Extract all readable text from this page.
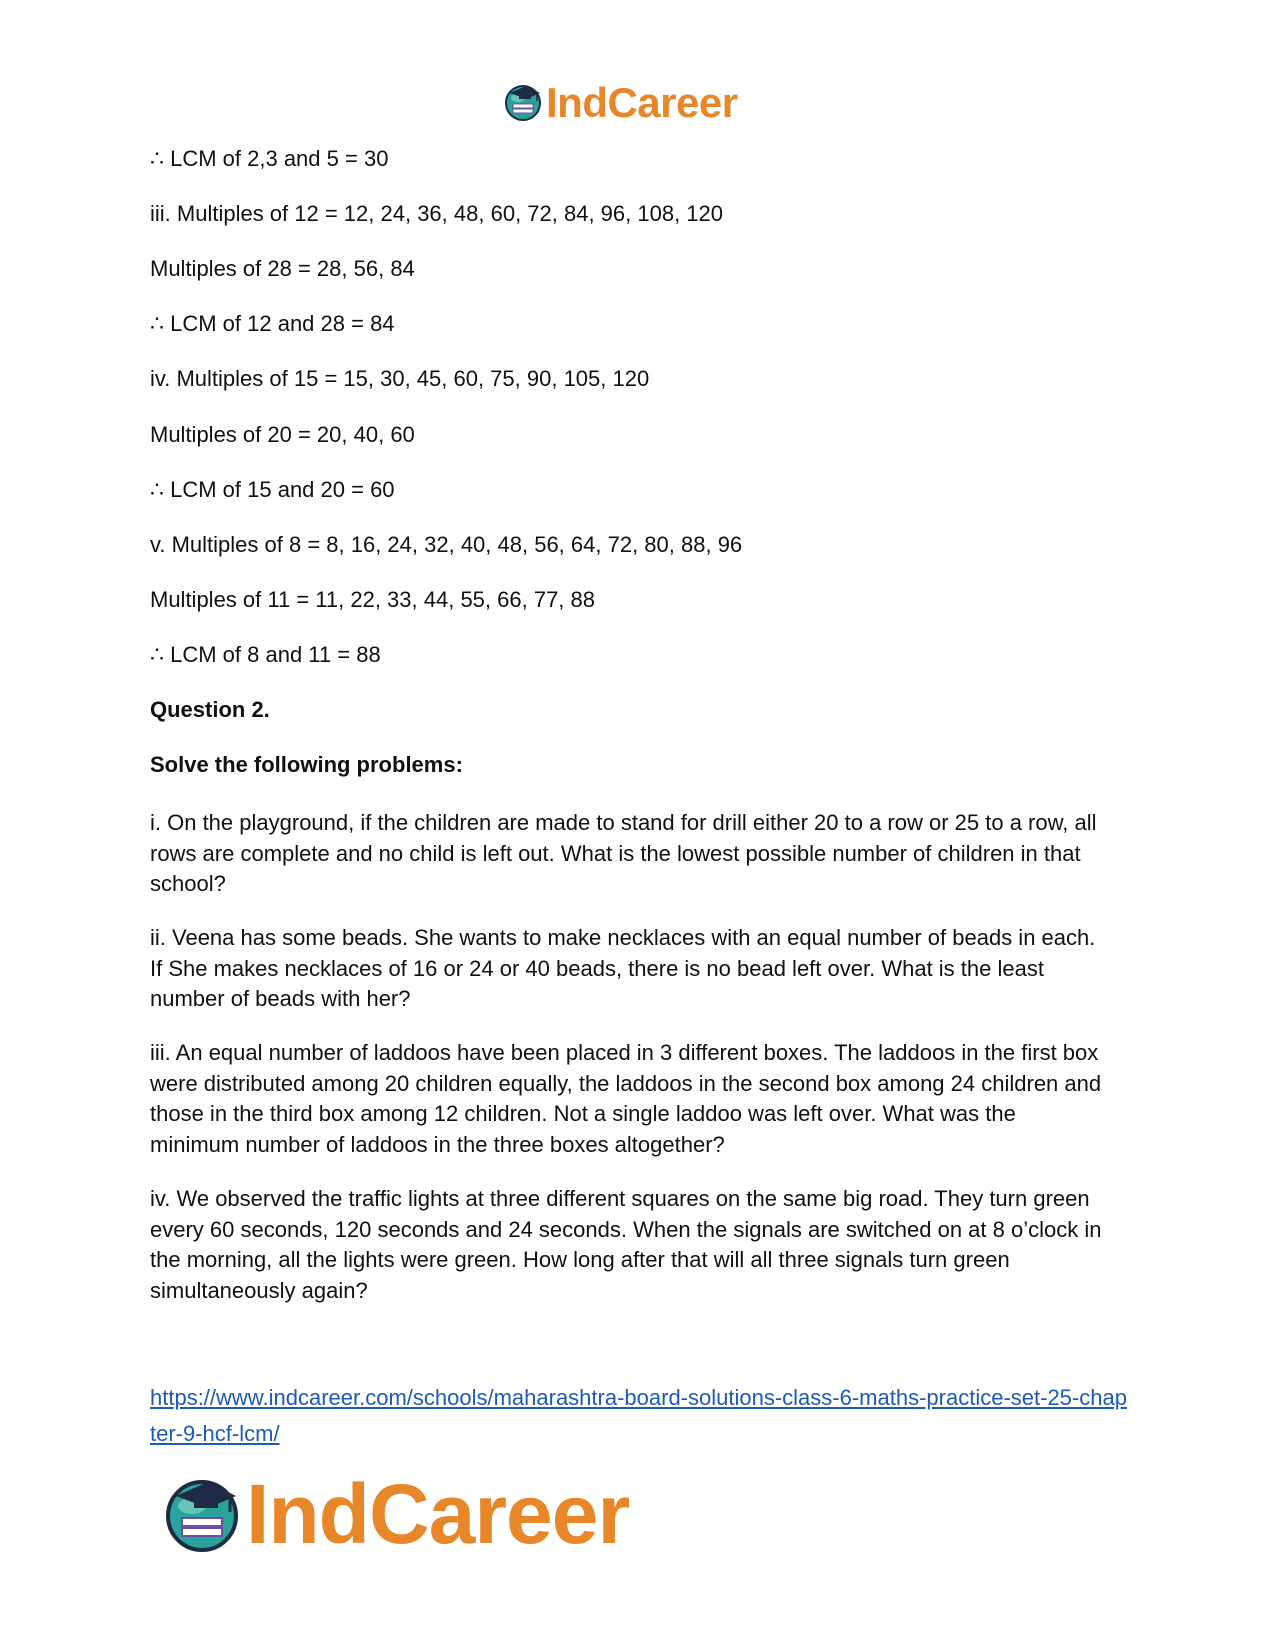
IndCareer
∴ LCM of 2,3 and 5 = 30
iii. Multiples of 12 = 12, 24, 36, 48, 60, 72, 84, 96, 108, 120
Multiples of 28 = 28, 56, 84
∴ LCM of 12 and 28 = 84
iv. Multiples of 15 = 15, 30, 45, 60, 75, 90, 105, 120
Multiples of 20 = 20, 40, 60
∴ LCM of 15 and 20 = 60
v. Multiples of 8 = 8, 16, 24, 32, 40, 48, 56, 64, 72, 80, 88, 96
Multiples of 11 = 11, 22, 33, 44, 55, 66, 77, 88
∴ LCM of 8 and 11 = 88
Question 2.
Solve the following problems:
i. On the playground, if the children are made to stand for drill either 20 to a row or 25 to a row, all rows are complete and no child is left out. What is the lowest possible number of children in that school?
ii. Veena has some beads. She wants to make necklaces with an equal number of beads in each. If She makes necklaces of 16 or 24 or 40 beads, there is no bead left over. What is the least number of beads with her?
iii. An equal number of laddoos have been placed in 3 different boxes. The laddoos in the first box were distributed among 20 children equally, the laddoos in the second box among 24 children and those in the third box among 12 children. Not a single laddoo was left over. What was the minimum number of laddoos in the three boxes altogether?
iv. We observed the traffic lights at three different squares on the same big road. They turn green every 60 seconds, 120 seconds and 24 seconds. When the signals are switched on at 8 o’clock in the morning, all the lights were green. How long after that will all three signals turn green simultaneously again?
https://www.indcareer.com/schools/maharashtra-board-solutions-class-6-maths-practice-set-25-chapter-9-hcf-lcm/
IndCareer
